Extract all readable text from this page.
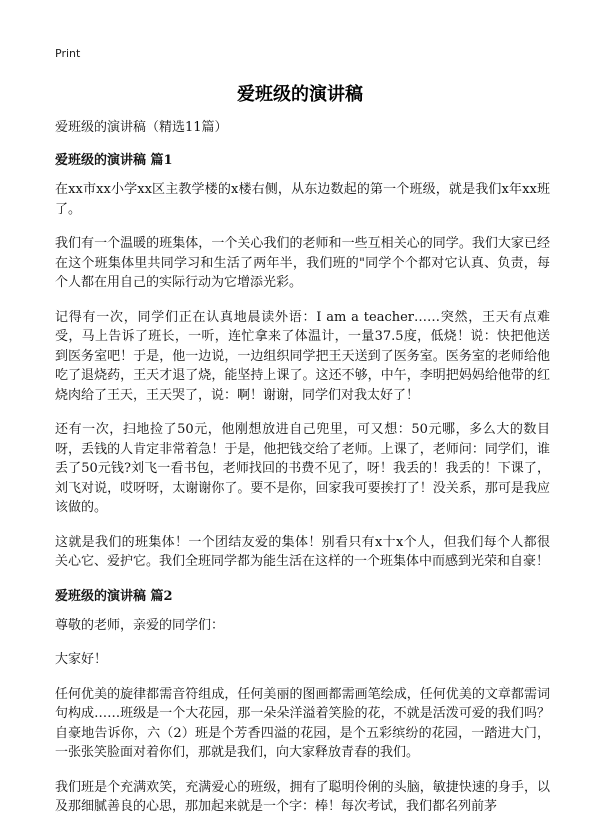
Print
爱班级的演讲稿

爱班级的演讲稿（精选11篇）

爱班级的演讲稿 篇1

在xx市xx小学xx区主教学楼的x楼右侧，从东边数起的第一个班级，就是我们x年xx班了。

我们有一个温暖的班集体，一个关心我们的老师和一些互相关心的同学。我们大家已经在这个班集体里共同学习和生活了两年半，我们班的"同学个个都对它认真、负责，每个人都在用自己的实际行动为它增添光彩。

记得有一次，同学们正在认真地晨读外语：I am a teacher……突然，王天有点难受，马上告诉了班长，一听，连忙拿来了体温计，一量37.5度，低烧！说：快把他送到医务室吧！于是，他一边说，一边组织同学把王天送到了医务室。医务室的老师给他吃了退烧药，王天才退了烧，能坚持上课了。这还不够，中午，李明把妈妈给他带的红烧肉给了王天，王天哭了，说：啊！谢谢，同学们对我太好了！

还有一次，扫地捡了50元，他刚想放进自己兜里，可又想：50元哪，多么大的数目呀，丢钱的人肯定非常着急！于是，他把钱交给了老师。上课了，老师问：同学们，谁丢了50元钱?刘飞一看书包，老师找回的书费不见了，呀！我丢的！我丢的！下课了，刘飞对说，哎呀呀，太谢谢你了。要不是你，回家我可要挨打了！没关系，那可是我应该做的。

这就是我们的班集体！一个团结友爱的集体！别看只有x十x个人，但我们每个人都很关心它、爱护它。我们全班同学都为能生活在这样的一个班集体中而感到光荣和自豪！

爱班级的演讲稿 篇2

尊敬的老师，亲爱的同学们：

大家好！

任何优美的旋律都需音符组成，任何美丽的图画都需画笔绘成，任何优美的文章都需词句构成……班级是一个大花园，那一朵朵洋溢着笑脸的花，不就是活泼可爱的我们吗？自豪地告诉你，六（2）班是个芳香四溢的花园，是个五彩缤纷的花园，一踏进大门，一张张笑脸面对着你们，那就是我们，向大家释放青春的我们。

我们班是个充满欢笑，充满爱心的班级，拥有了聪明伶俐的头脑，敏捷快速的身手，以及那细腻善良的心思，那加起来就是一个字：棒！每次考试，我们都名列前茅
